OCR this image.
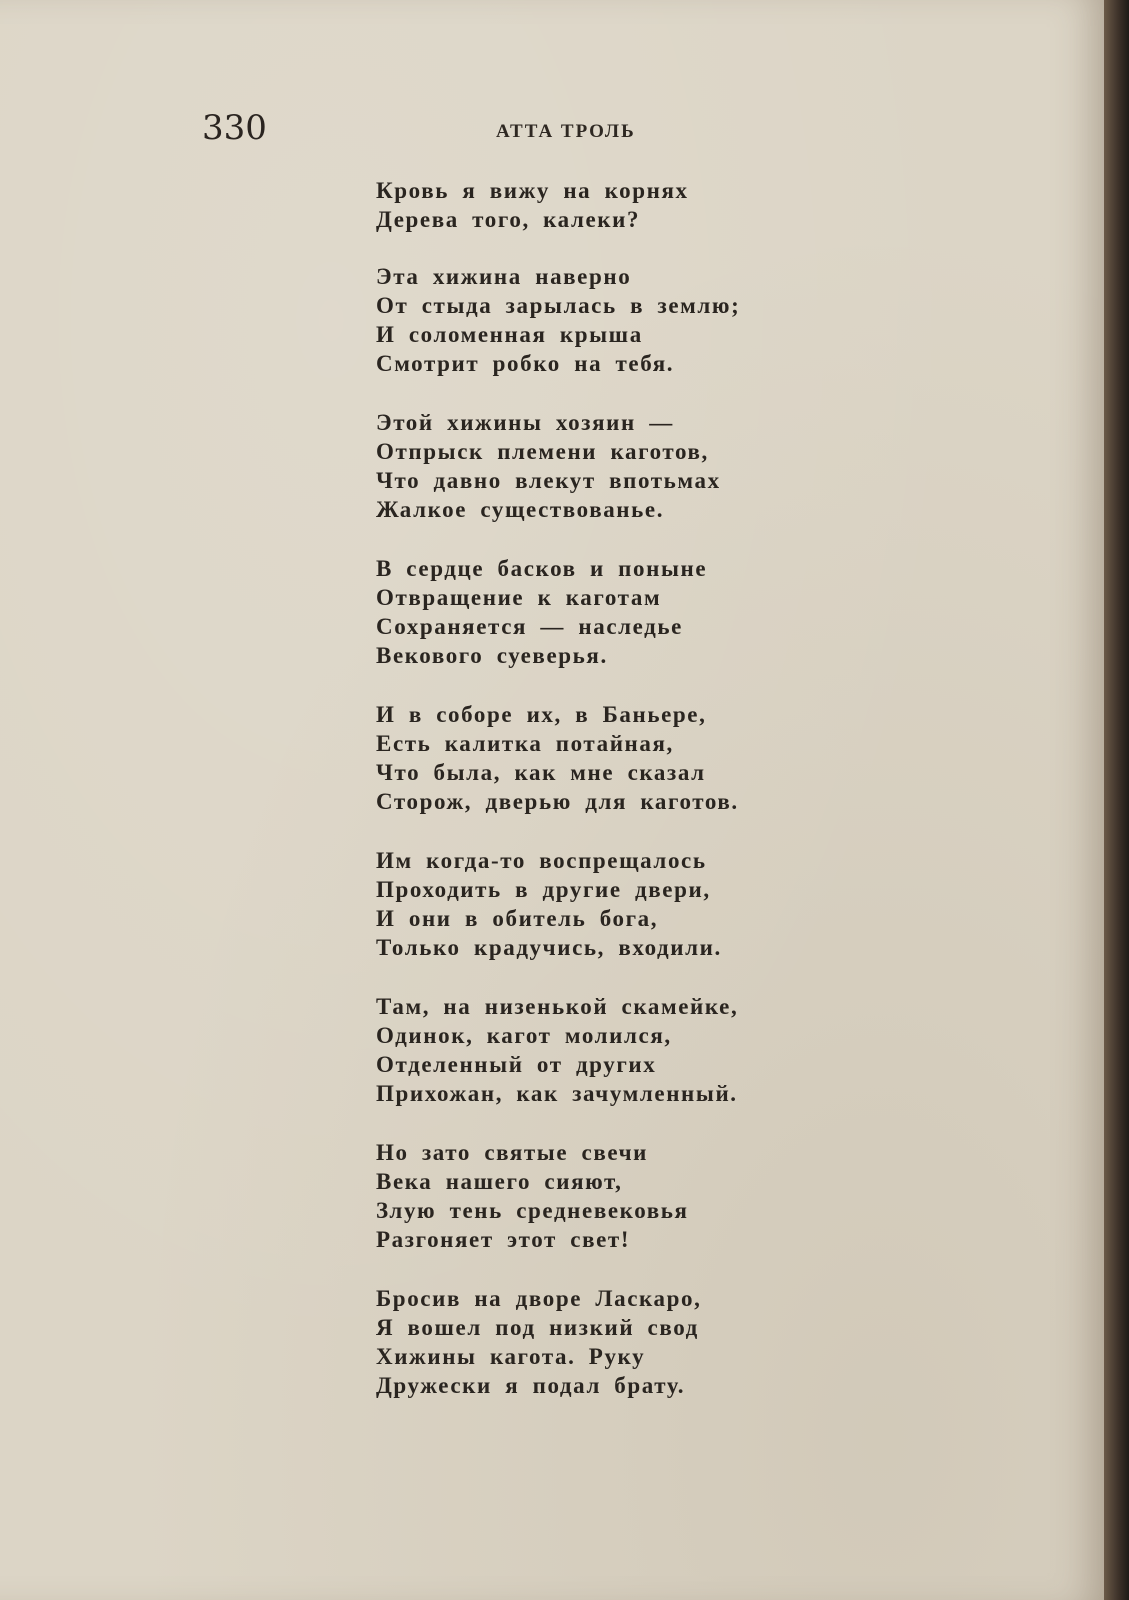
330	АТТА ТРОЛЬ
Кровь я вижу на корнях
Дерева того, калеки?
Эта хижина наверно
От стыда зарылась в землю;
И соломенная крыша
Смотрит робко на тебя.
Этой хижины хозяин —
Отпрыск племени каготов,
Что давно влекут впотьмах
Жалкое существованье.
В сердце басков и поныне
Отвращение к каготам
Сохраняется — наследье
Векового суеверья.
И в соборе их, в Баньере,
Есть калитка потайная,
Что была, как мне сказал
Сторож, дверью для каготов.
Им когда-то воспрещалось
Проходить в другие двери,
И они в обитель бога,
Только крадучись, входили.
Там, на низенькой скамейке,
Одинок, кагот молился,
Отделенный от других
Прихожан, как зачумленный.
Но зато святые свечи
Века нашего сияют,
Злую тень средневековья
Разгоняет этот свет!
Бросив на дворе Ласкаро,
Я вошел под низкий свод
Хижины кагота. Руку
Дружески я подал брату.
